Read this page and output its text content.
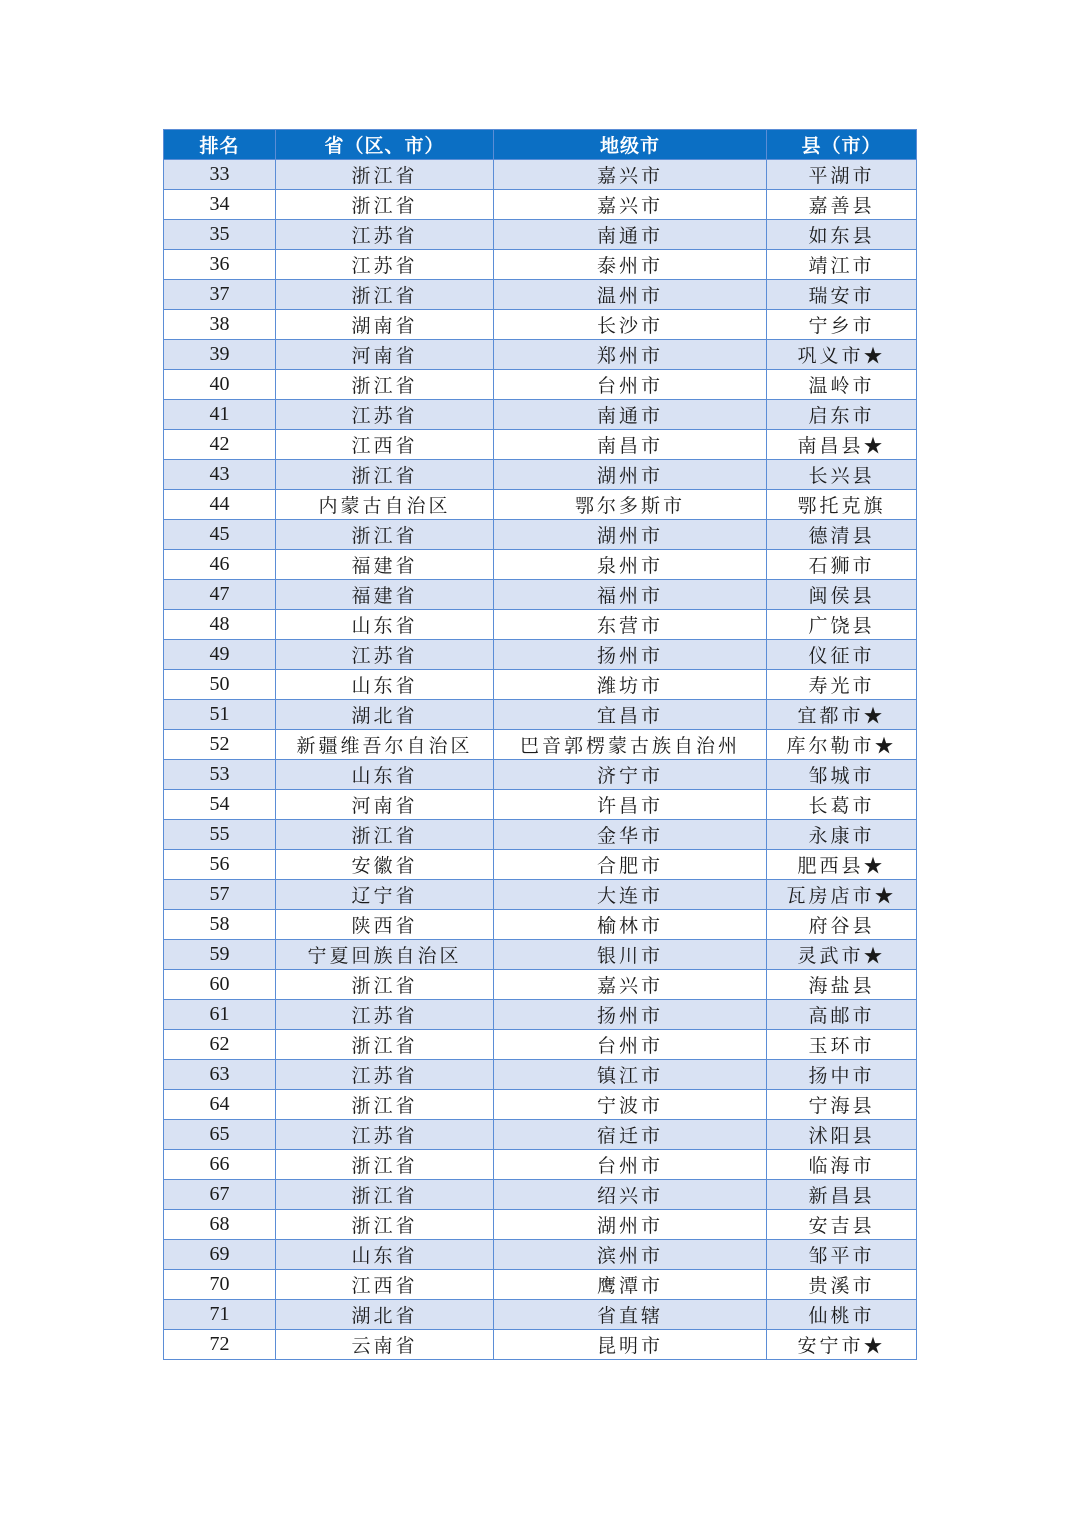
排名	省（区、市）	地级市	县（市）
33	浙江省	嘉兴市	平湖市
34	浙江省	嘉兴市	嘉善县
35	江苏省	南通市	如东县
36	江苏省	泰州市	靖江市
37	浙江省	温州市	瑞安市
38	湖南省	长沙市	宁乡市
39	河南省	郑州市	巩义市★
40	浙江省	台州市	温岭市
41	江苏省	南通市	启东市
42	江西省	南昌市	南昌县★
43	浙江省	湖州市	长兴县
44	内蒙古自治区	鄂尔多斯市	鄂托克旗
45	浙江省	湖州市	德清县
46	福建省	泉州市	石狮市
47	福建省	福州市	闽侯县
48	山东省	东营市	广饶县
49	江苏省	扬州市	仪征市
50	山东省	潍坊市	寿光市
51	湖北省	宜昌市	宜都市★
52	新疆维吾尔自治区	巴音郭楞蒙古族自治州	库尔勒市★
53	山东省	济宁市	邹城市
54	河南省	许昌市	长葛市
55	浙江省	金华市	永康市
56	安徽省	合肥市	肥西县★
57	辽宁省	大连市	瓦房店市★
58	陕西省	榆林市	府谷县
59	宁夏回族自治区	银川市	灵武市★
60	浙江省	嘉兴市	海盐县
61	江苏省	扬州市	高邮市
62	浙江省	台州市	玉环市
63	江苏省	镇江市	扬中市
64	浙江省	宁波市	宁海县
65	江苏省	宿迁市	沭阳县
66	浙江省	台州市	临海市
67	浙江省	绍兴市	新昌县
68	浙江省	湖州市	安吉县
69	山东省	滨州市	邹平市
70	江西省	鹰潭市	贵溪市
71	湖北省	省直辖	仙桃市
72	云南省	昆明市	安宁市★
